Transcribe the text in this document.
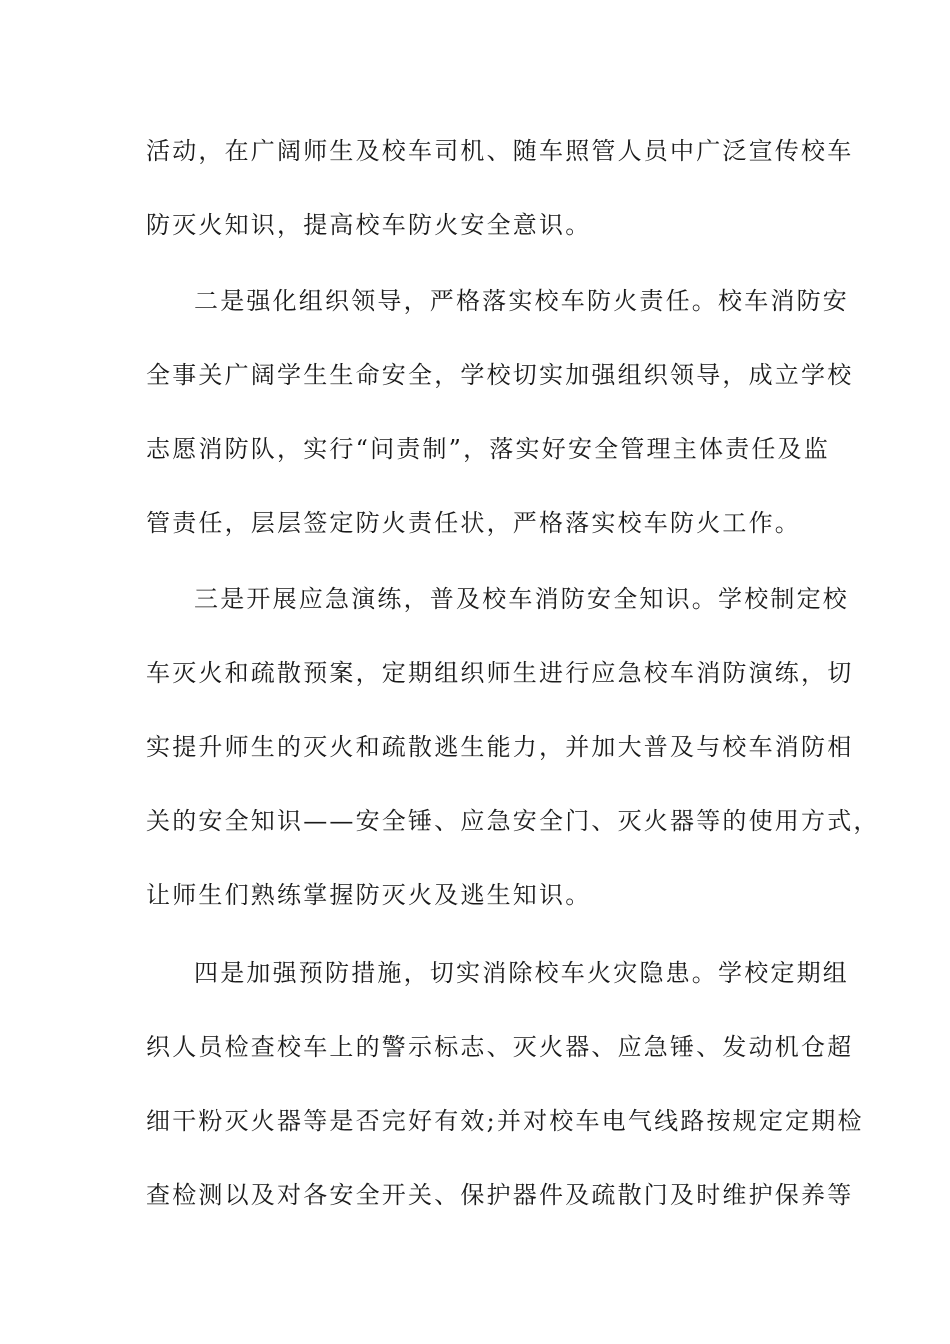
活动，在广阔师生及校车司机、随车照管人员中广泛宣传校车
防灭火知识，提高校车防火安全意识。
二是强化组织领导，严格落实校车防火责任。校车消防安
全事关广阔学生生命安全，学校切实加强组织领导，成立学校
志愿消防队，实行“问责制”，落实好安全管理主体责任及监
管责任，层层签定防火责任状，严格落实校车防火工作。
三是开展应急演练，普及校车消防安全知识。学校制定校
车灭火和疏散预案，定期组织师生进行应急校车消防演练，切
实提升师生的灭火和疏散逃生能力，并加大普及与校车消防相
关的安全知识——安全锤、应急安全门、灭火器等的使用方式，
让师生们熟练掌握防灭火及逃生知识。
四是加强预防措施，切实消除校车火灾隐患。学校定期组
织人员检查校车上的警示标志、灭火器、应急锤、发动机仓超
细干粉灭火器等是否完好有效;并对校车电气线路按规定定期检
查检测以及对各安全开关、保护器件及疏散门及时维护保养等
